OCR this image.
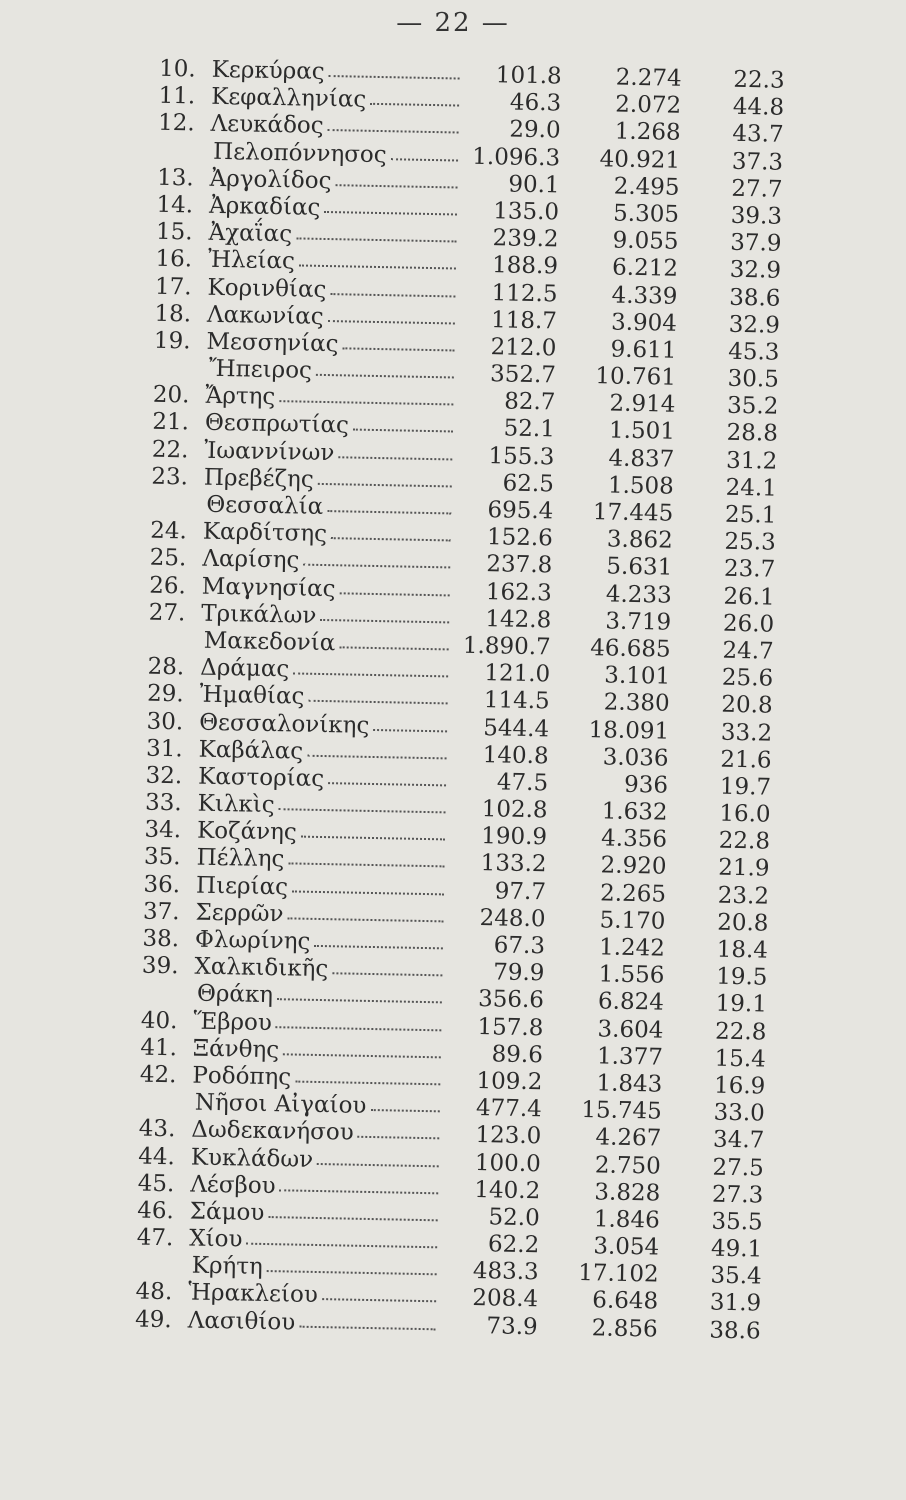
— 22 —
10. Κερκύρας	101.8	2.274	22.3
11. Κεφαλληνίας	46.3	2.072	44.8
12. Λευκάδος	29.0	1.268	43.7
Πελοπόννησος	1.096.3	40.921	37.3
13. Ἀργολίδος	90.1	2.495	27.7
14. Ἀρκαδίας	135.0	5.305	39.3
15. Ἀχαΐας	239.2	9.055	37.9
16. Ἠλείας	188.9	6.212	32.9
17. Κορινθίας	112.5	4.339	38.6
18. Λακωνίας	118.7	3.904	32.9
19. Μεσσηνίας	212.0	9.611	45.3
Ἤπειρος	352.7	10.761	30.5
20. Ἄρτης	82.7	2.914	35.2
21. Θεσπρωτίας	52.1	1.501	28.8
22. Ἰωαννίνων	155.3	4.837	31.2
23. Πρεβέζης	62.5	1.508	24.1
Θεσσαλία	695.4	17.445	25.1
24. Καρδίτσης	152.6	3.862	25.3
25. Λαρίσης	237.8	5.631	23.7
26. Μαγνησίας	162.3	4.233	26.1
27. Τρικάλων	142.8	3.719	26.0
Μακεδονία	1.890.7	46.685	24.7
28. Δράμας	121.0	3.101	25.6
29. Ἠμαθίας	114.5	2.380	20.8
30. Θεσσαλονίκης	544.4	18.091	33.2
31. Καβάλας	140.8	3.036	21.6
32. Καστορίας	47.5	936	19.7
33. Κιλκὶς	102.8	1.632	16.0
34. Κοζάνης	190.9	4.356	22.8
35. Πέλλης	133.2	2.920	21.9
36. Πιερίας	97.7	2.265	23.2
37. Σερρῶν	248.0	5.170	20.8
38. Φλωρίνης	67.3	1.242	18.4
39. Χαλκιδικῆς	79.9	1.556	19.5
Θράκη	356.6	6.824	19.1
40. Ἕβρου	157.8	3.604	22.8
41. Ξάνθης	89.6	1.377	15.4
42. Ροδόπης	109.2	1.843	16.9
Νῆσοι Αἰγαίου	477.4	15.745	33.0
43. Δωδεκανήσου	123.0	4.267	34.7
44. Κυκλάδων	100.0	2.750	27.5
45. Λέσβου	140.2	3.828	27.3
46. Σάμου	52.0	1.846	35.5
47. Χίου	62.2	3.054	49.1
Κρήτη	483.3	17.102	35.4
48. Ἡρακλείου	208.4	6.648	31.9
49. Λασιθίου	73.9	2.856	38.6
